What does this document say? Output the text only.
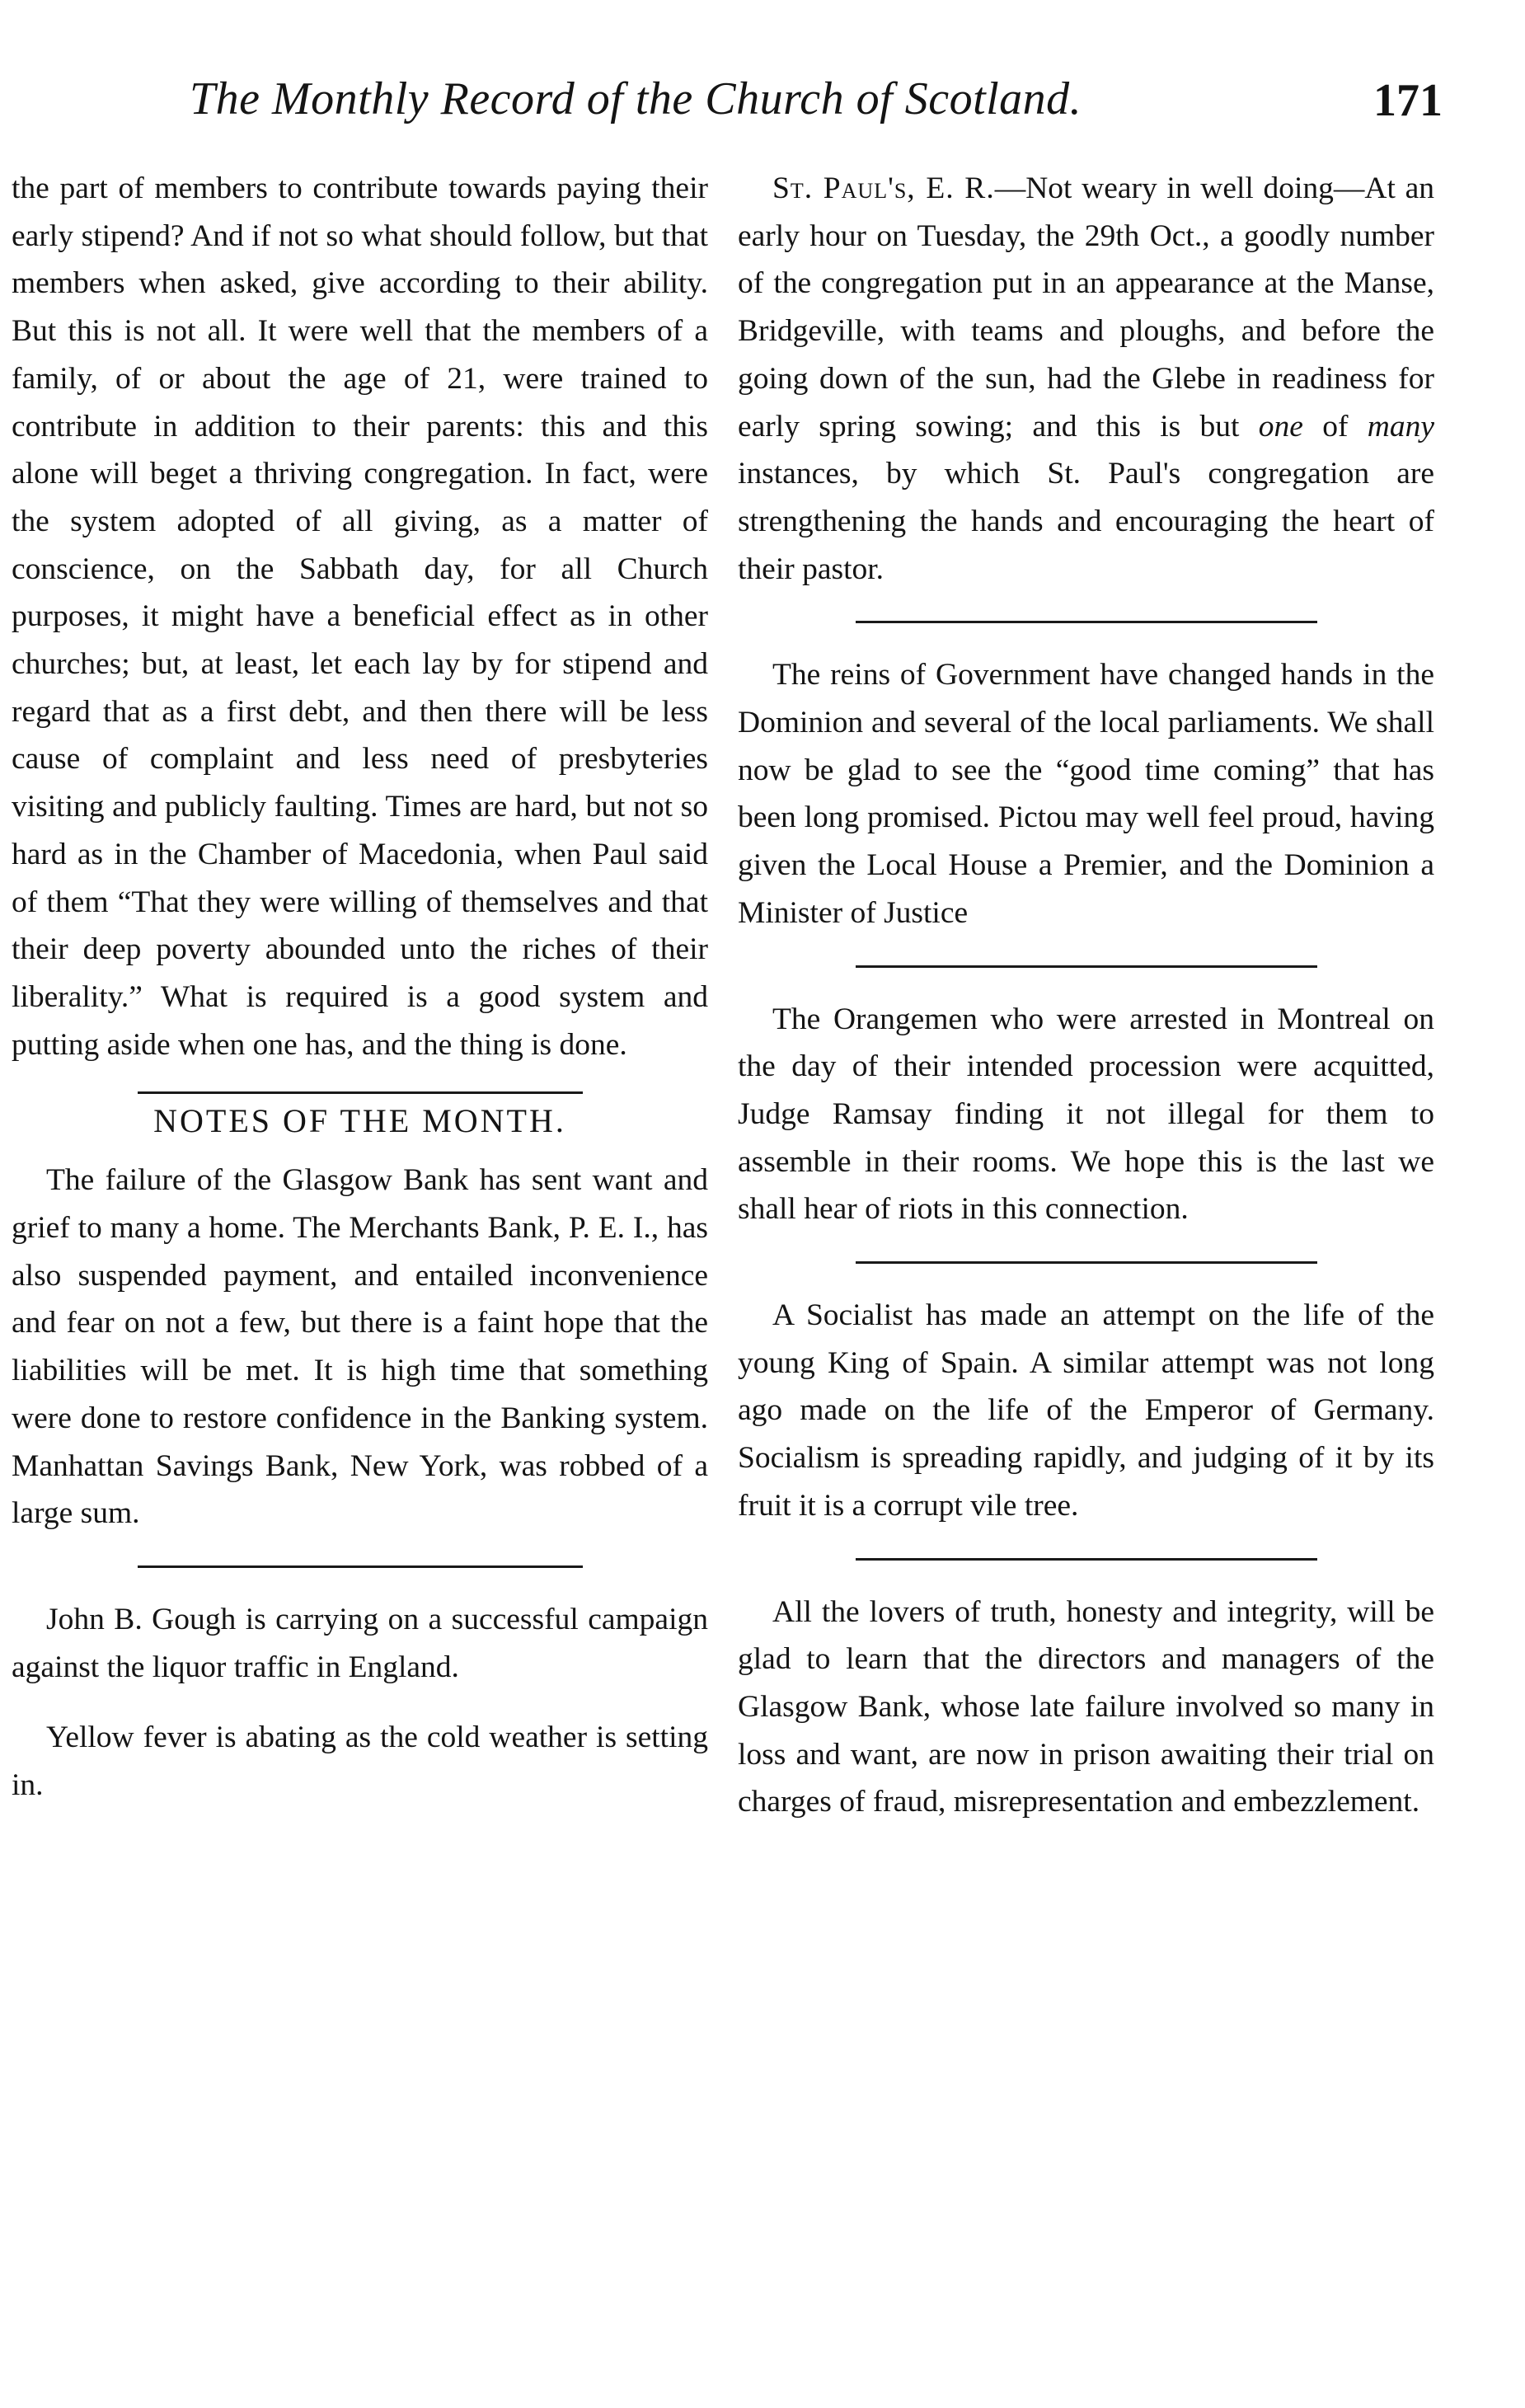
The Monthly Record of the Church of Scotland.	171

the part of members to contribute towards paying their early stipend? And if not so what should follow, but that members when asked, give according to their ability. But this is not all. It were well that the members of a family, of or about the age of 21, were trained to contribute in addition to their parents: this and this alone will beget a thriving congregation. In fact, were the system adopted of all giving, as a matter of conscience, on the Sabbath day, for all Church purposes, it might have a beneficial effect as in other churches; but, at least, let each lay by for stipend and regard that as a first debt, and then there will be less cause of complaint and less need of presbyteries visiting and publicly faulting. Times are hard, but not so hard as in the Chamber of Macedonia, when Paul said of them “That they were willing of themselves and that their deep poverty abounded unto the riches of their liberality.” What is required is a good system and putting aside when one has, and the thing is done.

NOTES OF THE MONTH.

The failure of the Glasgow Bank has sent want and grief to many a home. The Merchants Bank, P. E. I., has also suspended payment, and entailed inconvenience and fear on not a few, but there is a faint hope that the liabilities will be met. It is high time that something were done to restore confidence in the Banking system. Manhattan Savings Bank, New York, was robbed of a large sum.

John B. Gough is carrying on a successful campaign against the liquor traffic in England.

Yellow fever is abating as the cold weather is setting in.

St. Paul's, E. R.—Not weary in well doing—At an early hour on Tuesday, the 29th Oct., a goodly number of the congregation put in an appearance at the Manse, Bridgeville, with teams and ploughs, and before the going down of the sun, had the Glebe in readiness for early spring sowing; and this is but one of many instances, by which St. Paul's congregation are strengthening the hands and encouraging the heart of their pastor.

The reins of Government have changed hands in the Dominion and several of the local parliaments. We shall now be glad to see the “good time coming” that has been long promised. Pictou may well feel proud, having given the Local House a Premier, and the Dominion a Minister of Justice

The Orangemen who were arrested in Montreal on the day of their intended procession were acquitted, Judge Ramsay finding it not illegal for them to assemble in their rooms. We hope this is the last we shall hear of riots in this connection.

A Socialist has made an attempt on the life of the young King of Spain. A similar attempt was not long ago made on the life of the Emperor of Germany. Socialism is spreading rapidly, and judging of it by its fruit it is a corrupt vile tree.

All the lovers of truth, honesty and integrity, will be glad to learn that the directors and managers of the Glasgow Bank, whose late failure involved so many in loss and want, are now in prison awaiting their trial on charges of fraud, misrepresentation and embezzlement.
